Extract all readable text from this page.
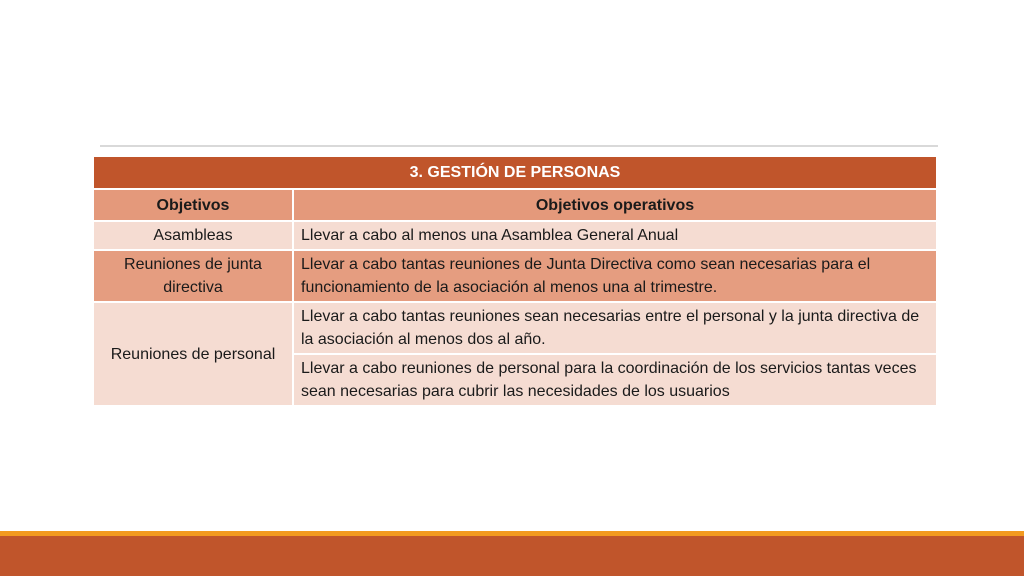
3. GESTIÓN DE PERSONAS	
Objetivos	Objetivos operativos
Asambleas	Llevar a cabo al menos una Asamblea General Anual
Reuniones de junta directiva	Llevar a cabo tantas reuniones de Junta Directiva como sean necesarias para el funcionamiento de la asociación al menos una al trimestre.
Reuniones de personal	Llevar a cabo tantas reuniones sean necesarias entre el personal y la junta directiva de la asociación al menos dos al año.
	Llevar a cabo reuniones de personal para la coordinación de los servicios tantas veces sean necesarias para cubrir las necesidades de los usuarios
